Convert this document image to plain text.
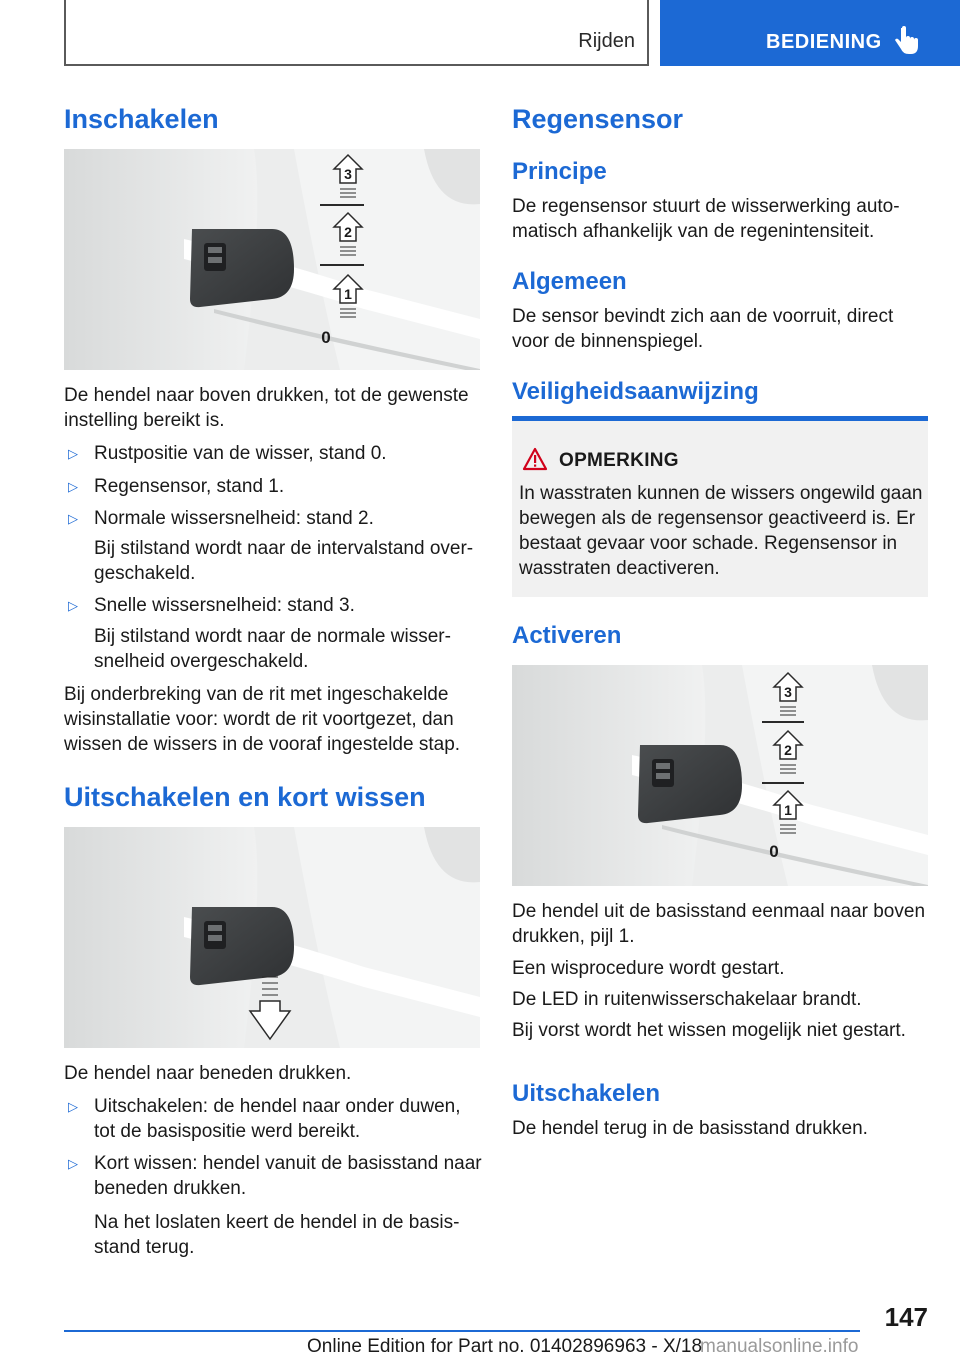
Rijden	BEDIENING
Inschakelen
3
2
1
0
De hendel naar boven drukken, tot de gewenste instelling bereikt is.
▷ Rustpositie van de wisser, stand 0.
▷ Regensensor, stand 1.
▷ Normale wissersnelheid: stand 2.
Bij stilstand wordt naar de intervalstand over-geschakeld.
▷ Snelle wissersnelheid: stand 3.
Bij stilstand wordt naar de normale wisser-snelheid overgeschakeld.
Bij onderbreking van de rit met ingeschakelde wisinstallatie voor: wordt de rit voortgezet, dan wissen de wissers in de vooraf ingestelde stap.
Uitschakelen en kort wissen
De hendel naar beneden drukken.
▷ Uitschakelen: de hendel naar onder duwen, tot de basispositie werd bereikt.
▷ Kort wissen: hendel vanuit de basisstand naar beneden drukken.
Na het loslaten keert de hendel in de basis-stand terug.
Regensensor
Principe
De regensensor stuurt de wisserwerking auto-matisch afhankelijk van de regenintensiteit.
Algemeen
De sensor bevindt zich aan de voorruit, direct voor de binnenspiegel.
Veiligheidsaanwijzing
OPMERKING
In wasstraten kunnen de wissers ongewild gaan bewegen als de regensensor geactiveerd is. Er bestaat gevaar voor schade. Regensensor in wasstraten deactiveren.
Activeren
3
2
1
0
De hendel uit de basisstand eenmaal naar boven drukken, pijl 1.
Een wisprocedure wordt gestart.
De LED in ruitenwisserschakelaar brandt.
Bij vorst wordt het wissen mogelijk niet gestart.
Uitschakelen
De hendel terug in de basisstand drukken.
147
Online Edition for Part no. 01402896963 - X/18
manualsonline.info
